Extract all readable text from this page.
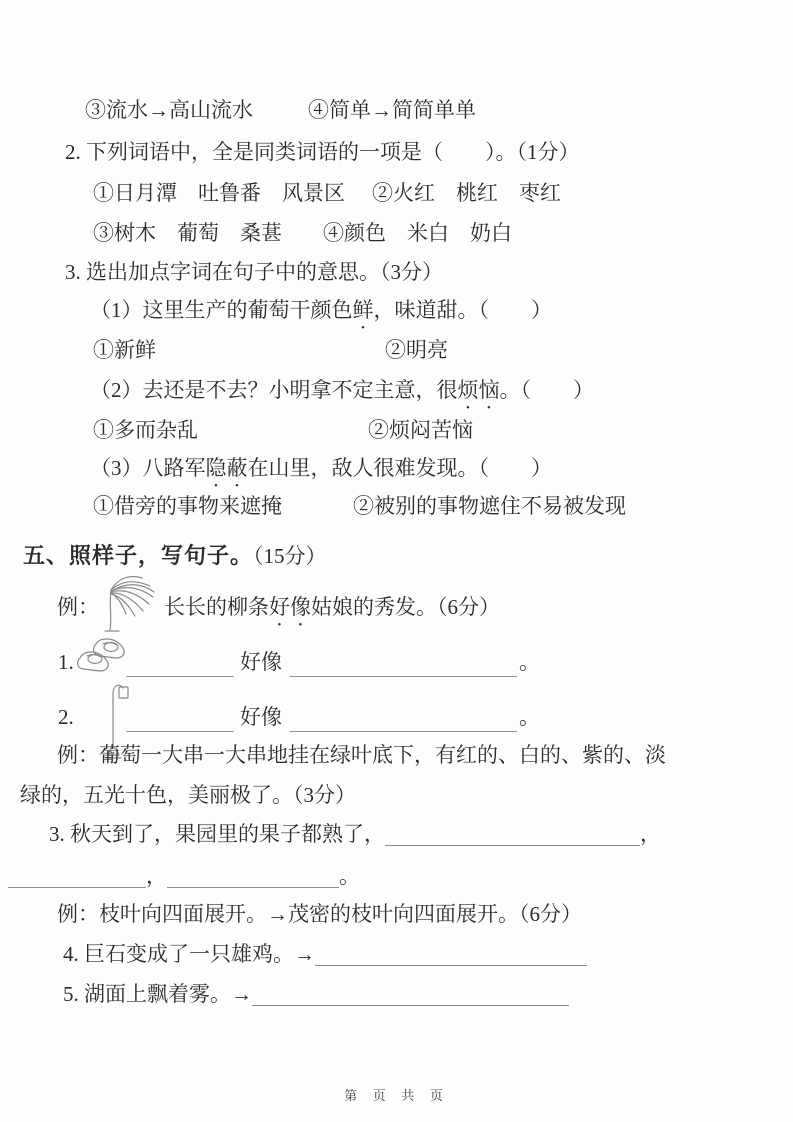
③流水→高山流水	④简单→简简单单
2. 下列词语中，全是同类词语的一项是（　　）。（1分）
①日月潭　吐鲁番　风景区 ②火红　桃红　枣红
③树木　葡萄　桑葚 ④颜色　米白　奶白
3. 选出加点字词在句子中的意思。（3分）
（1）这里生产的葡萄干颜色鲜，味道甜。（　　）
①新鲜	②明亮
（2）去还是不去？小明拿不定主意，很烦恼。（　　）
①多而杂乱	②烦闷苦恼
（3）八路军隐蔽在山里，敌人很难发现。（　　）
①借旁的事物来遮掩	②被别的事物遮住不易被发现
五、照样子，写句子。（15分）
例：	长长的柳条好像姑娘的秀发。（6分）
1.	好像	。
2.	好像	。
例：葡萄一大串一大串地挂在绿叶底下，有红的、白的、紫的、淡
绿的，五光十色，美丽极了。（3分）
3. 秋天到了，果园里的果子都熟了，	，
，	。
例：枝叶向四面展开。→茂密的枝叶向四面展开。（6分）
4. 巨石变成了一只雄鸡。→
5. 湖面上飘着雾。→
第 页 共 页
